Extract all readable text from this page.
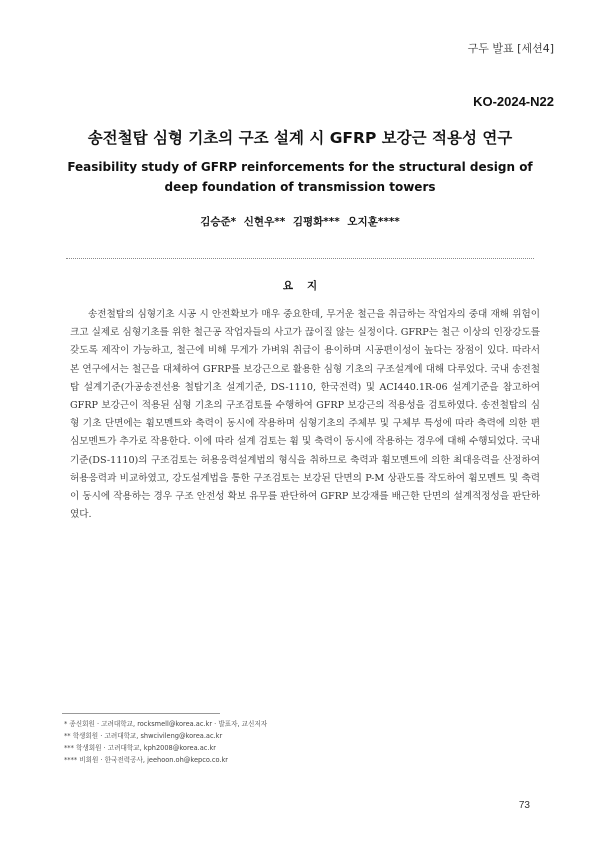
구두 발표 [세션4]
KO-2024-N22
송전철탑 심형 기초의 구조 설계 시 GFRP 보강근 적용성 연구
Feasibility study of GFRP reinforcements for the structural design of deep foundation of transmission towers
김승준* 신현우** 김평화*** 오지훈****
요지
송전철탑의 심형기초 시공 시 안전확보가 매우 중요한데, 무거운 철근을 취급하는 작업자의 중대 재해 위험이 크고 실제로 심형기초를 위한 철근공 작업자들의 사고가 끊이질 않는 실정이다. GFRP는 철근 이상의 인장강도를 갖도록 제작이 가능하고, 철근에 비해 무게가 가벼워 취급이 용이하며 시공편이성이 높다는 장점이 있다. 따라서 본 연구에서는 철근을 대체하여 GFRP를 보강근으로 활용한 심형 기초의 구조설계에 대해 다루었다. 국내 송전철탑 설계기준(가공송전선용 철탑기초 설계기준, DS-1110, 한국전력) 및 ACI440.1R-06 설계기준을 참고하여 GFRP 보강근이 적용된 심형 기초의 구조검토를 수행하여 GFRP 보강근의 적용성을 검토하였다. 송전철탑의 심형 기초 단면에는 휨모멘트와 축력이 동시에 작용하며 심형기초의 주체부 및 구체부 특성에 따라 축력에 의한 편심모멘트가 추가로 작용한다. 이에 따라 설계 검토는 휨 및 축력이 동시에 작용하는 경우에 대해 수행되었다. 국내 기준(DS-1110)의 구조검토는 허용응력설계법의 형식을 취하므로 축력과 휨모멘트에 의한 최대응력을 산정하여 허용응력과 비교하였고, 강도설계법을 통한 구조검토는 보강된 단면의 P-M 상관도를 작도하여 휨모멘트 및 축력이 동시에 작용하는 경우 구조 안전성 확보 유무를 판단하여 GFRP 보강재를 배근한 단면의 설계적정성을 판단하였다.
* 종신회원 · 고려대학교, rocksmell@korea.ac.kr · 발표자, 교신저자
** 학생회원 · 고려대학교, shwcivileng@korea.ac.kr
*** 학생회원 · 고려대학교, kph2008@korea.ac.kr
**** 비회원 · 한국전력공사, jeehoon.oh@kepco.co.kr
73
